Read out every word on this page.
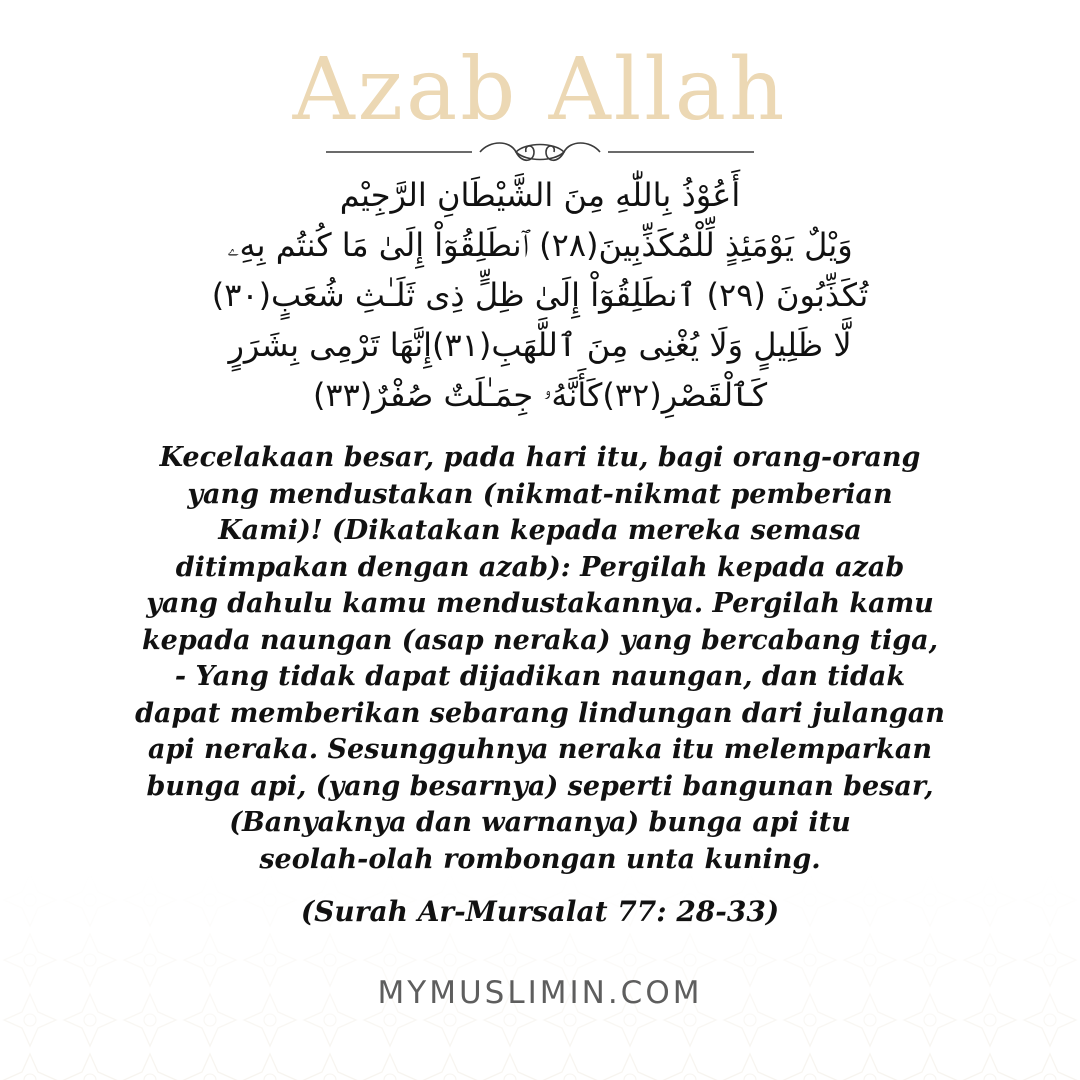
Azab Allah
أَعُوْذُ بِاللّٰهِ مِنَ الشَّيْطَانِ الرَّجِيْم
وَيْلٌ يَوْمَئِذٍ لِّلْمُكَذِّبِينَ(٢٨) ٱنطَلِقُوٓاْ إِلَىٰ مَا كُنتُم بِهِۦ
تُكَذِّبُونَ (٢٩) ٱنطَلِقُوٓاْ إِلَىٰ ظِلٍّ ذِى ثَلَـٰثِ شُعَبٍ(٣٠)
لَّا ظَلِيلٍ وَلَا يُغْنِى مِنَ ٱللَّهَبِ(٣١)إِنَّهَا تَرْمِى بِشَرَرٍ
كَٱلْقَصْرِ(٣٢)كَأَنَّهُۥ جِمَـٰلَتٌ صُفْرٌ(٣٣)
Kecelakaan besar, pada hari itu, bagi orang-orang
yang mendustakan (nikmat-nikmat pemberian
Kami)! (Dikatakan kepada mereka semasa
ditimpakan dengan azab): Pergilah kepada azab
yang dahulu kamu mendustakannya. Pergilah kamu
kepada naungan (asap neraka) yang bercabang tiga,
- Yang tidak dapat dijadikan naungan, dan tidak
dapat memberikan sebarang lindungan dari julangan
api neraka. Sesungguhnya neraka itu melemparkan
bunga api, (yang besarnya) seperti bangunan besar,
(Banyaknya dan warnanya) bunga api itu
seolah-olah rombongan unta kuning.
(Surah Ar-Mursalat 77: 28-33)
MYMUSLIMIN.COM
